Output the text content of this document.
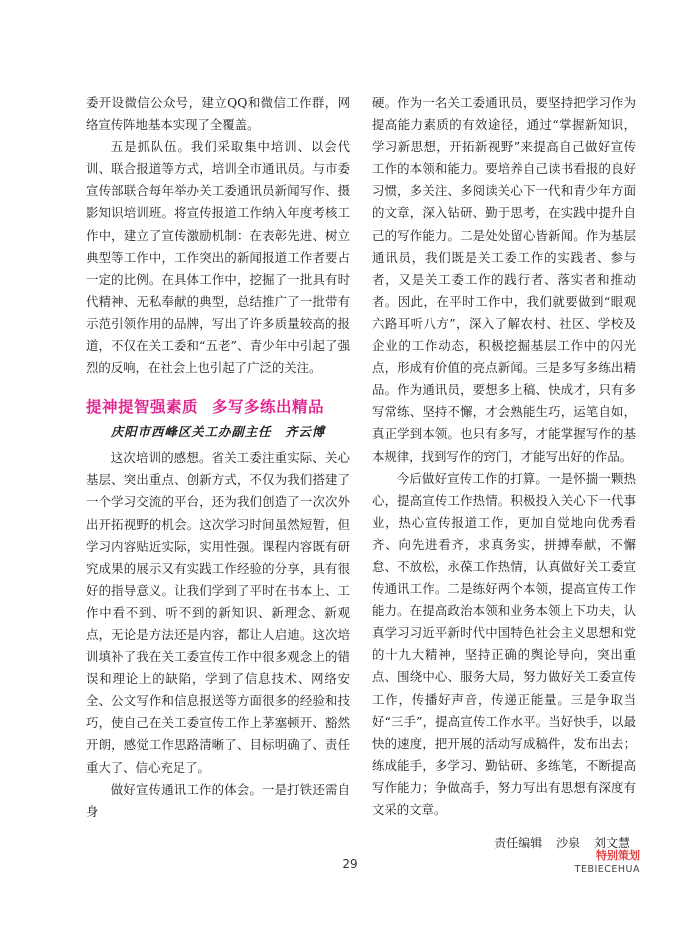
委开设微信公众号，建立QQ和微信工作群，网络宣传阵地基本实现了全覆盖。

五是抓队伍。我们采取集中培训、以会代训、联合报道等方式，培训全市通讯员。与市委宣传部联合每年举办关工委通讯员新闻写作、摄影知识培训班。将宣传报道工作纳入年度考核工作中，建立了宣传激励机制：在表彰先进、树立典型等工作中，工作突出的新闻报道工作者要占一定的比例。在具体工作中，挖掘了一批具有时代精神、无私奉献的典型，总结推广了一批带有示范引领作用的品牌，写出了许多质量较高的报道，不仅在关工委和“五老”、青少年中引起了强烈的反响，在社会上也引起了广泛的关注。

提神提智强素质 多写多练出精品
庆阳市西峰区关工办副主任　齐云博

这次培训的感想。省关工委注重实际、关心基层、突出重点、创新方式，不仅为我们搭建了一个学习交流的平台，还为我们创造了一次次外出开拓视野的机会。这次学习时间虽然短暂，但学习内容贴近实际，实用性强。课程内容既有研究成果的展示又有实践工作经验的分享，具有很好的指导意义。让我们学到了平时在书本上、工作中看不到、听不到的新知识、新理念、新观点，无论是方法还是内容，都让人启迪。这次培训填补了我在关工委宣传工作中很多观念上的错误和理论上的缺陷，学到了信息技术、网络安全、公文写作和信息报送等方面很多的经验和技巧，使自己在关工委宣传工作上茅塞顿开、豁然开朗，感觉工作思路清晰了、目标明确了、责任重大了、信心充足了。

做好宣传通讯工作的体会。一是打铁还需自身

硬。作为一名关工委通讯员，要坚持把学习作为提高能力素质的有效途径，通过“掌握新知识，学习新思想，开拓新视野”来提高自己做好宣传工作的本领和能力。要培养自己读书看报的良好习惯，多关注、多阅读关心下一代和青少年方面的文章，深入钻研、勤于思考，在实践中提升自己的写作能力。二是处处留心皆新闻。作为基层通讯员，我们既是关工委工作的实践者、参与者，又是关工委工作的践行者、落实者和推动者。因此，在平时工作中，我们就要做到“眼观六路耳听八方”，深入了解农村、社区、学校及企业的工作动态，积极挖掘基层工作中的闪光点，形成有价值的亮点新闻。三是多写多练出精品。作为通讯员，要想多上稿、快成才，只有多写常练、坚持不懈，才会熟能生巧，运笔自如，真正学到本领。也只有多写，才能掌握写作的基本规律，找到写作的窍门，才能写出好的作品。

今后做好宣传工作的打算。一是怀揣一颗热心，提高宣传工作热情。积极投入关心下一代事业，热心宣传报道工作，更加自觉地向优秀看齐、向先进看齐，求真务实，拼搏奉献，不懈怠、不放松，永葆工作热情，认真做好关工委宣传通讯工作。二是练好两个本领，提高宣传工作能力。在提高政治本领和业务本领上下功夫，认真学习习近平新时代中国特色社会主义思想和党的十九大精神，坚持正确的舆论导向，突出重点、围绕中心、服务大局，努力做好关工委宣传工作，传播好声音，传递正能量。三是争取当好“三手”，提高宣传工作水平。当好快手，以最快的速度，把开展的活动写成稿件，发布出去；练成能手，多学习、勤钻研、多练笔，不断提高写作能力；争做高手，努力写出有思想有深度有文采的文章。

责任编辑 沙泉 刘文慧
29
特别策划
TEBIECEHUA
